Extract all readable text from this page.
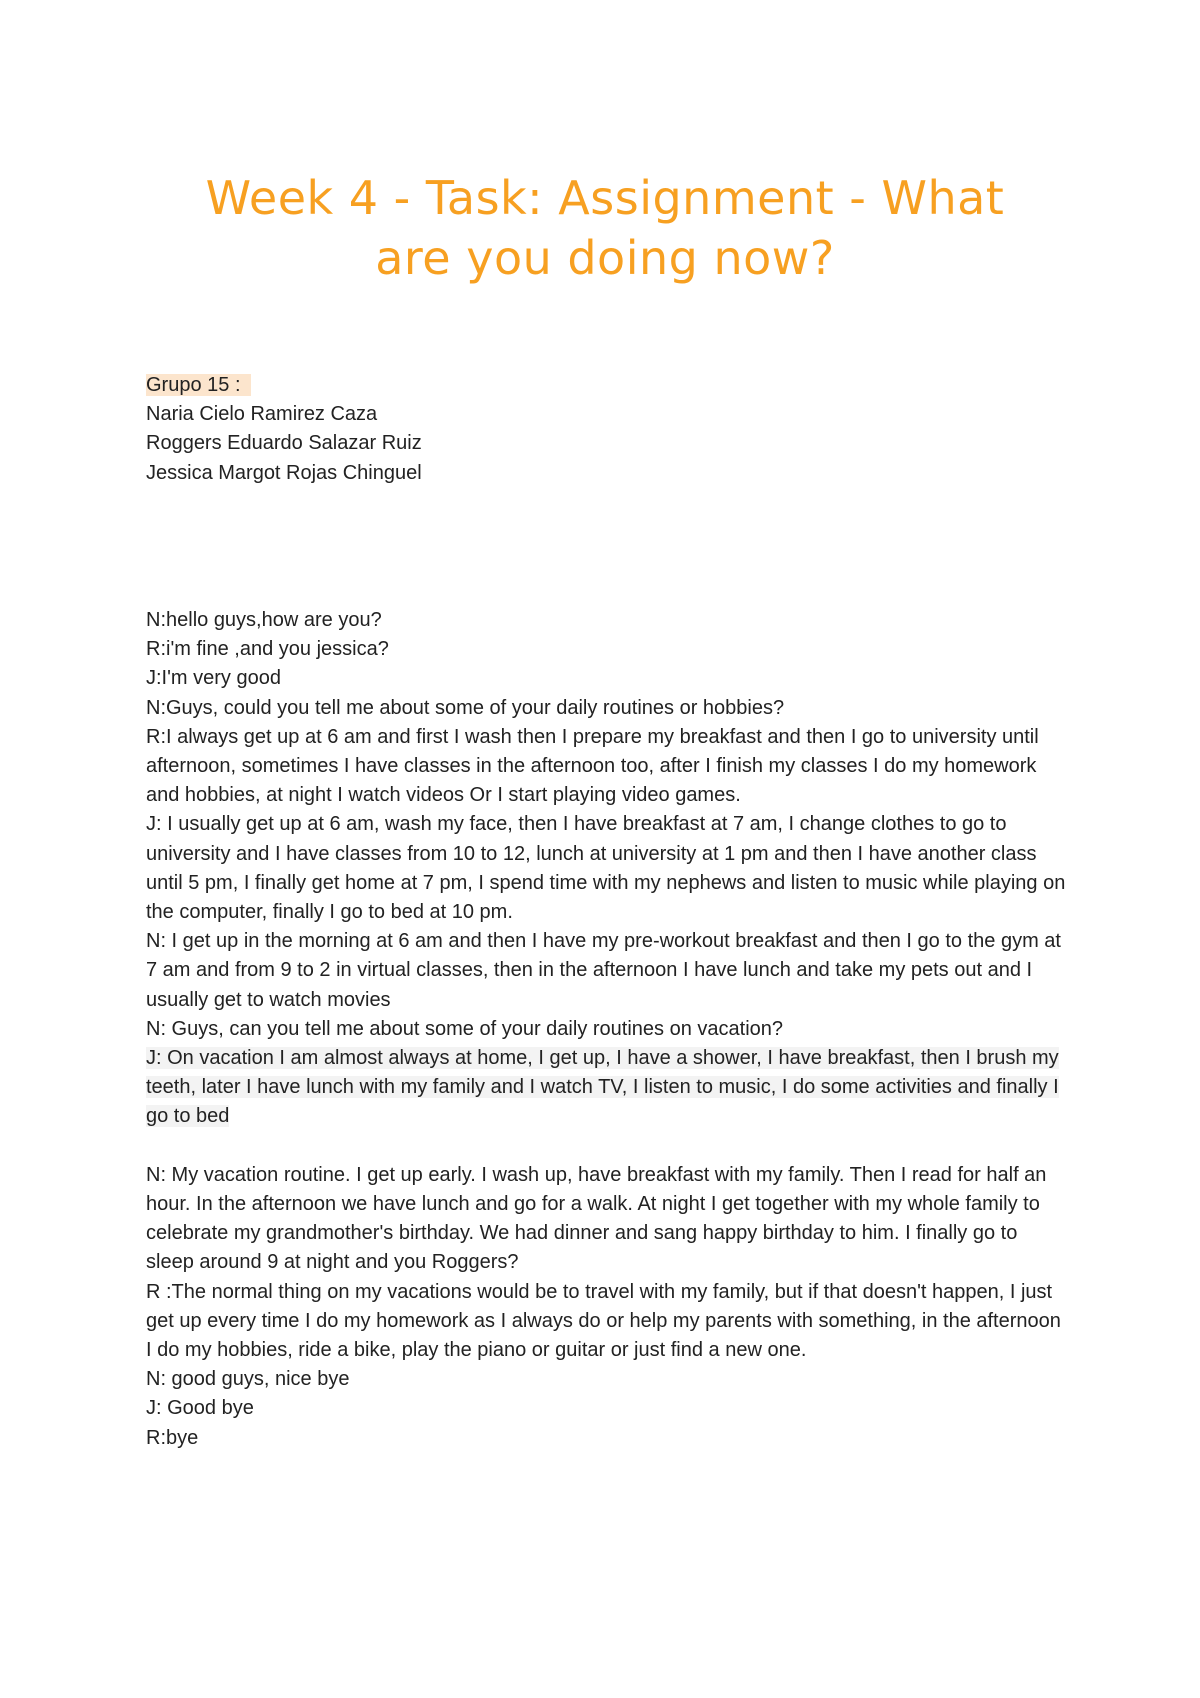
Week 4 - Task: Assignment - What
are you doing now?

Grupo 15 :

Naria Cielo Ramirez Caza

Roggers Eduardo Salazar Ruiz

Jessica Margot Rojas Chinguel

N:hello guys,how are you?

R:i'm fine ,and you jessica?

J:I'm very good

N:Guys, could you tell me about some of your daily routines or hobbies?

R:I always get up at 6 am and first I wash then I prepare my breakfast and then I go to university until afternoon, sometimes I have classes in the afternoon too, after I finish my classes I do my homework and hobbies, at night I watch videos Or I start playing video games.

J: I usually get up at 6 am, wash my face, then I have breakfast at 7 am, I change clothes to go to university and I have classes from 10 to 12, lunch at university at 1 pm and then I have another class until 5 pm, I finally get home at 7 pm, I spend time with my nephews and listen to music while playing on the computer, finally I go to bed at 10 pm.

N: I get up in the morning at 6 am and then I have my pre-workout breakfast and then I go to the gym at 7 am and from 9 to 2 in virtual classes, then in the afternoon I have lunch and take my pets out and I usually get to watch movies

N: Guys, can you tell me about some of your daily routines on vacation?

J: On vacation I am almost always at home, I get up, I have a shower, I have breakfast, then I brush my teeth, later I have lunch with my family and I watch TV, I listen to music, I do some activities and finally I go to bed

N: My vacation routine. I get up early. I wash up, have breakfast with my family. Then I read for half an hour. In the afternoon we have lunch and go for a walk. At night I get together with my whole family to celebrate my grandmother's birthday. We had dinner and sang happy birthday to him. I finally go to sleep around 9 at night and you Roggers?

R :The normal thing on my vacations would be to travel with my family, but if that doesn't happen, I just get up every time I do my homework as I always do or help my parents with something, in the afternoon I do my hobbies, ride a bike, play the piano or guitar or just find a new one.

N: good guys, nice bye

J: Good bye

R:bye
